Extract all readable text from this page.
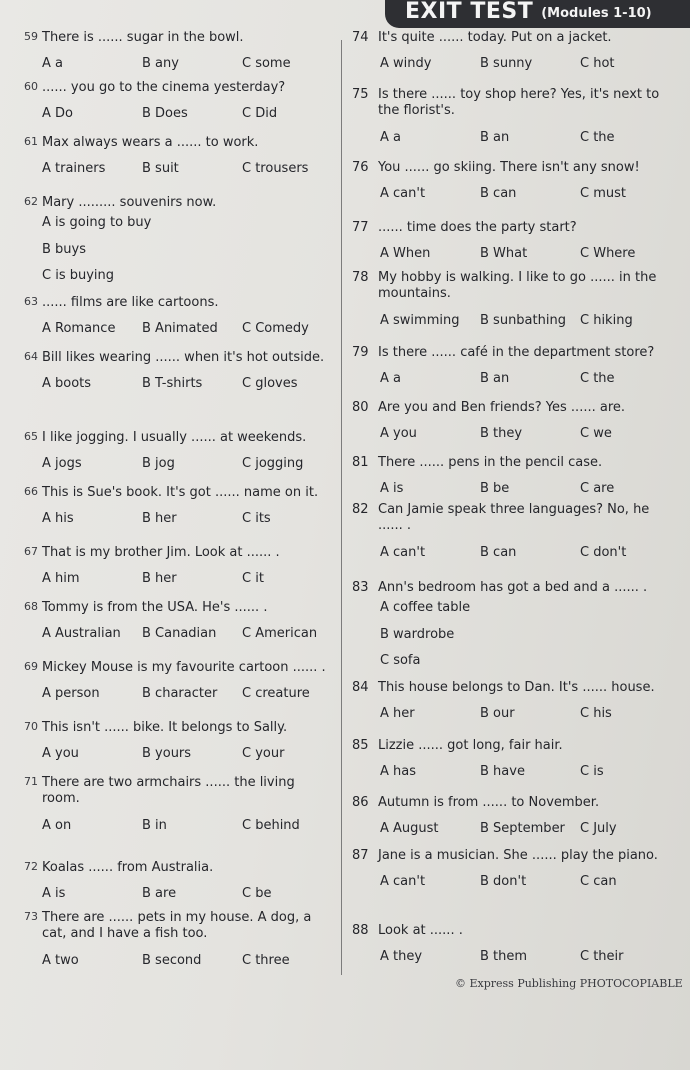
EXIT TEST (Modules 1-10)
59 There is ...... sugar in the bowl.
A a	B any	C some
60 ...... you go to the cinema yesterday?
A Do	B Does	C Did
61 Max always wears a ...... to work.
A trainers	B suit	C trousers
62 Mary ......... souvenirs now.
A is going to buy
B buys
C is buying
63 ...... films are like cartoons.
A Romance	B Animated	C Comedy
64 Bill likes wearing ...... when it's hot outside.
A boots	B T-shirts	C gloves
65 I like jogging. I usually ...... at weekends.
A jogs	B jog	C jogging
66 This is Sue's book. It's got ...... name on it.
A his	B her	C its
67 That is my brother Jim. Look at ...... .
A him	B her	C it
68 Tommy is from the USA. He's ...... .
A Australian	B Canadian	C American
69 Mickey Mouse is my favourite cartoon ...... .
A person	B character	C creature
70 This isn't ...... bike. It belongs to Sally.
A you	B yours	C your
71 There are two armchairs ...... the living room.
A on	B in	C behind
72 Koalas ...... from Australia.
A is	B are	C be
73 There are ...... pets in my house. A dog, a cat, and I have a fish too.
A two	B second	C three
74 It's quite ...... today. Put on a jacket.
A windy	B sunny	C hot
75 Is there ...... toy shop here? Yes, it's next to the florist's.
A a	B an	C the
76 You ...... go skiing. There isn't any snow!
A can't	B can	C must
77 ...... time does the party start?
A When	B What	C Where
78 My hobby is walking. I like to go ...... in the mountains.
A swimming	B sunbathing	C hiking
79 Is there ...... café in the department store?
A a	B an	C the
80 Are you and Ben friends? Yes ...... are.
A you	B they	C we
81 There ...... pens in the pencil case.
A is	B be	C are
82 Can Jamie speak three languages? No, he ...... .
A can't	B can	C don't
83 Ann's bedroom has got a bed and a ...... .
A coffee table
B wardrobe
C sofa
84 This house belongs to Dan. It's ...... house.
A her	B our	C his
85 Lizzie ...... got long, fair hair.
A has	B have	C is
86 Autumn is from ...... to November.
A August	B September	C July
87 Jane is a musician. She ...... play the piano.
A can't	B don't	C can
88 Look at ...... .
A they	B them	C their
© Express Publishing PHOTOCOPIABLE
